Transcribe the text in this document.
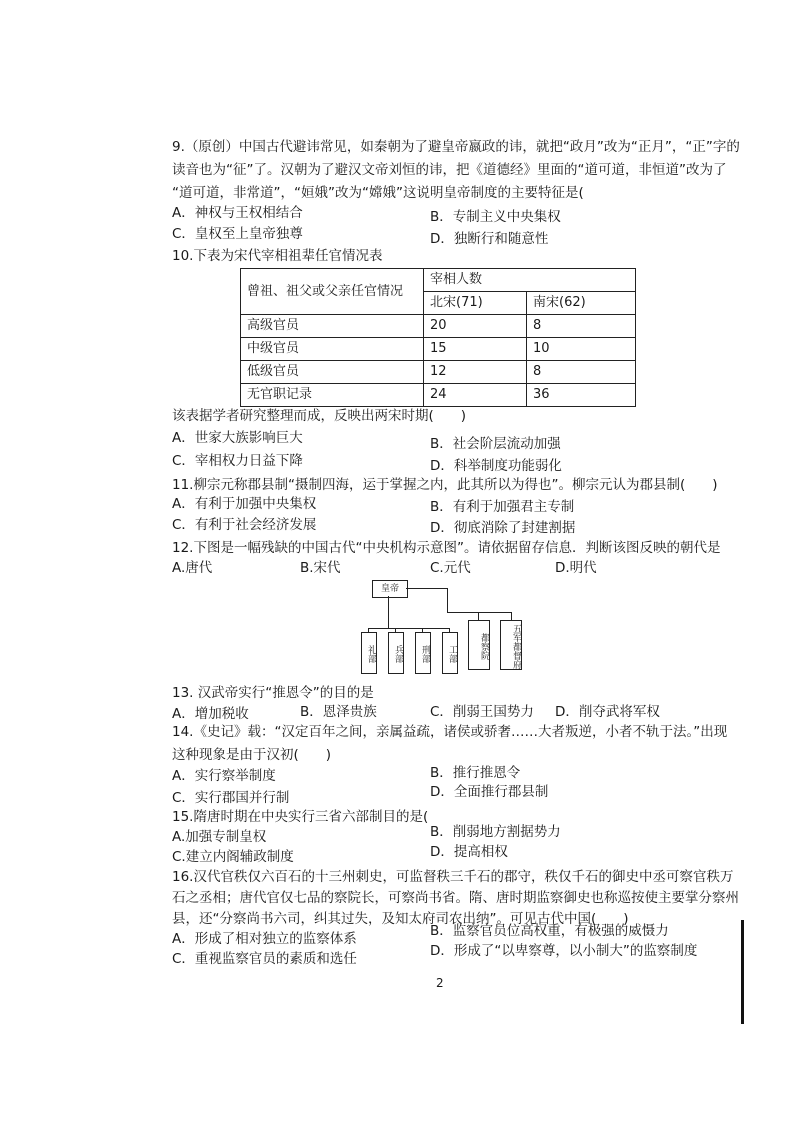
9.（原创）中国古代避讳常见，如秦朝为了避皇帝嬴政的讳，就把“政月”改为“正月”，“正”字的
读音也为“征”了。汉朝为了避汉文帝刘恒的讳，把《道德经》里面的“道可道，非恒道”改为了
“道可道，非常道”，“姮娥”改为“嫦娥”这说明皇帝制度的主要特征是(
A．神权与王权相结合	B．专制主义中央集权
C．皇权至上皇帝独尊	D．独断行和随意性
10.下表为宋代宰相祖辈任官情况表
曾祖、祖父或父亲任官情况	宰相人数	
	北宋(71)	南宋(62)
高级官员	20	8
中级官员	15	10
低级官员	12	8
无官职记录	24	36
该表据学者研究整理而成，反映出两宋时期(　　)
A．世家大族影响巨大	B．社会阶层流动加强
C．宰相权力日益下降	D．科举制度功能弱化
11.柳宗元称郡县制“摄制四海，运于掌握之内，此其所以为得也”。柳宗元认为郡县制(　　)
A．有利于加强中央集权	B．有利于加强君主专制
C．有利于社会经济发展	D．彻底消除了封建割据
12.下图是一幅残缺的中国古代“中央机构示意图”。请依据留存信息．判断该图反映的朝代是
A.唐代	B.宋代	C.元代	D.明代
皇帝
礼部	兵部	刑部	工部	都察院	五军都督府
13. 汉武帝实行“推恩令”的目的是
A．增加税收	B．恩泽贵族	C．削弱王国势力 D．削夺武将军权
14.《史记》载：“汉定百年之间，亲属益疏，诸侯或骄奢……大者叛逆，小者不轨于法。”出现
这种现象是由于汉初(　　)
A．实行察举制度	B．推行推恩令
C．实行郡国并行制	D．全面推行郡县制
15.隋唐时期在中央实行三省六部制目的是(
A.加强专制皇权	B．削弱地方割据势力
C.建立内阁辅政制度	D．提高相权
16.汉代官秩仅六百石的十三州刺史，可监督秩三千石的郡守，秩仅千石的御史中丞可察官秩万
石之丞相；唐代官仅七品的察院长，可察尚书省。隋、唐时期监察御史也称巡按使主要掌分察州
县，还“分察尚书六司，纠其过失，及知太府司农出纳”。可见古代中国(　　)
A．形成了相对独立的监察体系	B．监察官员位高权重，有极强的威慑力
C．重视监察官员的素质和选任	D．形成了“以卑察尊，以小制大”的监察制度
2
